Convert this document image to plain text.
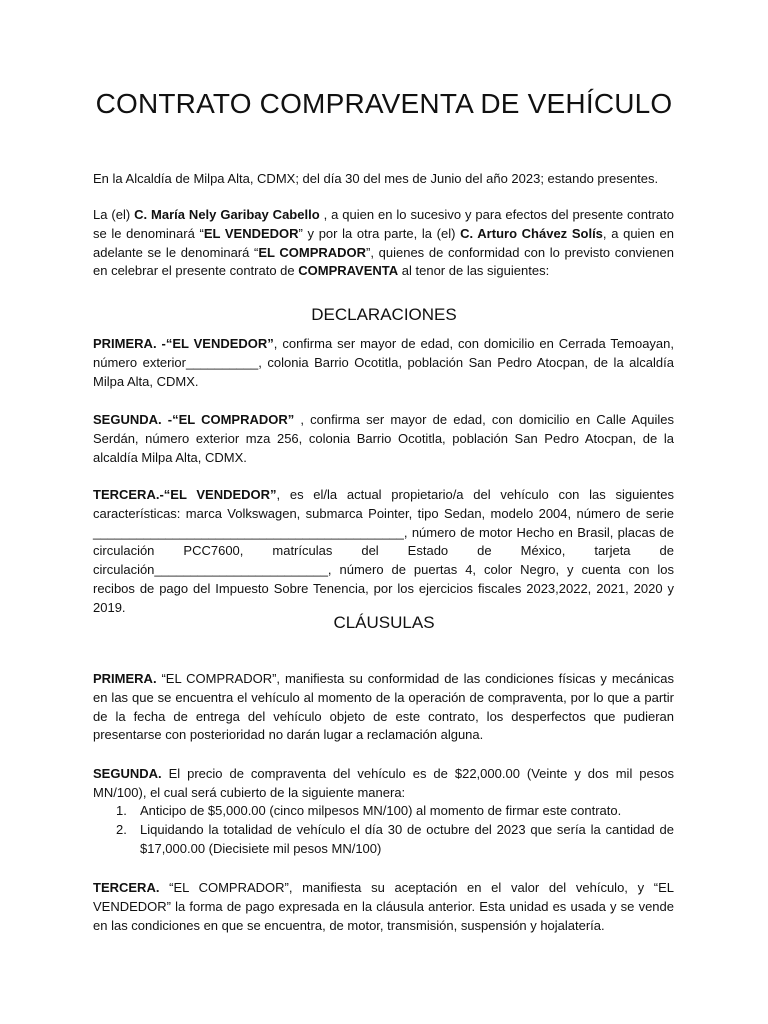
CONTRATO COMPRAVENTA DE VEHÍCULO

En la Alcaldía de Milpa Alta, CDMX; del día 30 del mes de Junio del año 2023; estando presentes.

La (el) C. María Nely Garibay Cabello , a quien en lo sucesivo y para efectos del presente contrato se le denominará “EL VENDEDOR” y por la otra parte, la (el) C. Arturo Chávez Solís, a quien en adelante se le denominará “EL COMPRADOR”, quienes de conformidad con lo previsto convienen en celebrar el presente contrato de COMPRAVENTA al tenor de las siguientes:

DECLARACIONES

PRIMERA. -“EL VENDEDOR”, confirma ser mayor de edad, con domicilio en Cerrada Temoayan, número exterior__________, colonia Barrio Ocotitla, población San Pedro Atocpan, de la alcaldía Milpa Alta, CDMX.

SEGUNDA. -“EL COMPRADOR” , confirma ser mayor de edad, con domicilio en Calle Aquiles Serdán, número exterior mza 256, colonia Barrio Ocotitla, población San Pedro Atocpan, de la alcaldía Milpa Alta, CDMX.

TERCERA.-“EL VENDEDOR”, es el/la actual propietario/a del vehículo con las siguientes características: marca Volkswagen, submarca Pointer, tipo Sedan, modelo 2004, número de serie ___________________________________________, número de motor Hecho en Brasil, placas de circulación PCC7600, matrículas del Estado de México, tarjeta de circulación________________________, número de puertas 4, color Negro, y cuenta con los recibos de pago del Impuesto Sobre Tenencia, por los ejercicios fiscales 2023,2022, 2021, 2020 y 2019.

CLÁUSULAS

PRIMERA. “EL COMPRADOR”, manifiesta su conformidad de las condiciones físicas y mecánicas en las que se encuentra el vehículo al momento de la operación de compraventa, por lo que a partir de la fecha de entrega del vehículo objeto de este contrato, los desperfectos que pudieran presentarse con posterioridad no darán lugar a reclamación alguna.

SEGUNDA. El precio de compraventa del vehículo es de $22,000.00 (Veinte y dos mil pesos MN/100), el cual será cubierto de la siguiente manera:

1. Anticipo de $5,000.00 (cinco milpesos MN/100) al momento de firmar este contrato.
2. Liquidando la totalidad de vehículo el día 30 de octubre del 2023 que sería la cantidad de $17,000.00 (Diecisiete mil pesos MN/100)

TERCERA. “EL COMPRADOR”, manifiesta su aceptación en el valor del vehículo, y “EL VENDEDOR” la forma de pago expresada en la cláusula anterior. Esta unidad es usada y se vende en las condiciones en que se encuentra, de motor, transmisión, suspensión y hojalatería.
